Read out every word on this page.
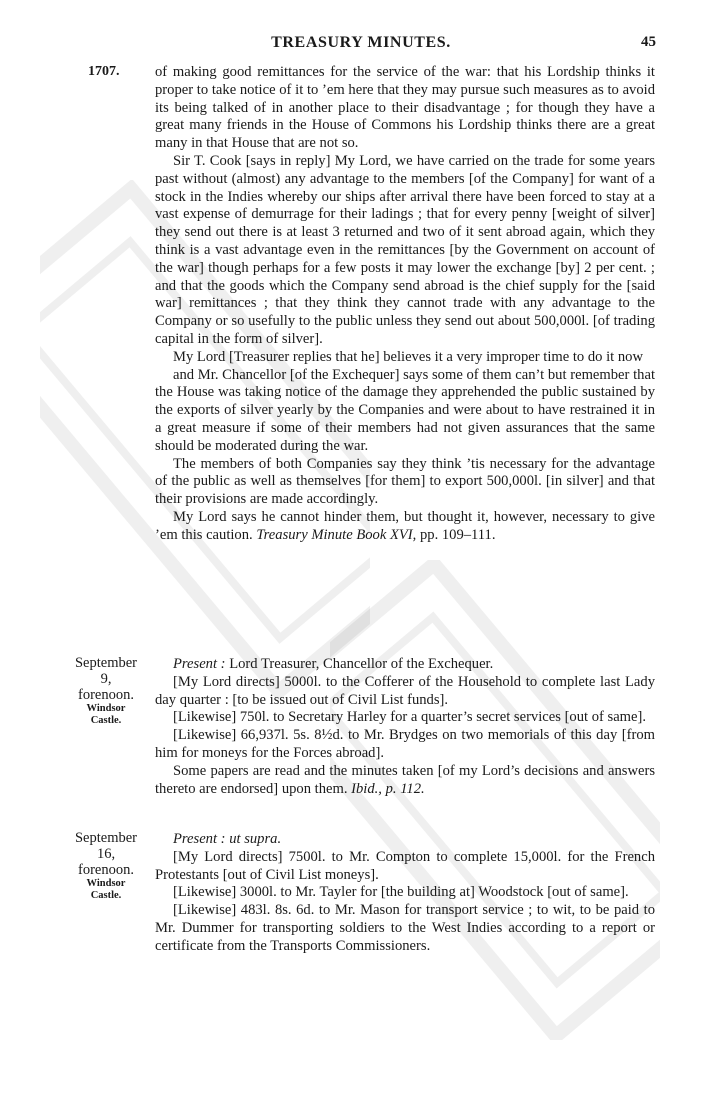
TREASURY MINUTES.	45
1707. of making good remittances for the service of the war: that his Lordship thinks it proper to take notice of it to ’em here that they may pursue such measures as to avoid its being talked of in another place to their disadvantage ; for though they have a great many friends in the House of Commons his Lordship thinks there are a great many in that House that are not so.

Sir T. Cook [says in reply] My Lord, we have carried on the trade for some years past without (almost) any advantage to the members [of the Company] for want of a stock in the Indies whereby our ships after arrival there have been forced to stay at a vast expense of demurrage for their ladings ; that for every penny [weight of silver] they send out there is at least 3 returned and two of it sent abroad again, which they think is a vast advantage even in the remittances [by the Government on account of the war] though perhaps for a few posts it may lower the exchange [by] 2 per cent. ; and that the goods which the Company send abroad is the chief supply for the [said war] remittances ; that they think they cannot trade with any advantage to the Company or so usefully to the public unless they send out about 500,000l. [of trading capital in the form of silver].

My Lord [Treasurer replies that he] believes it a very improper time to do it now

and Mr. Chancellor [of the Exchequer] says some of them can’t but remember that the House was taking notice of the damage they apprehended the public sustained by the exports of silver yearly by the Companies and were about to have restrained it in a great measure if some of their members had not given assurances that the same should be moderated during the war.

The members of both Companies say they think ’tis necessary for the advantage of the public as well as themselves [for them] to export 500,000l. [in silver] and that their provisions are made accordingly.

My Lord says he cannot hinder them, but thought it, however, necessary to give ’em this caution. Treasury Minute Book XVI, pp. 109–111.

September
9,
forenoon.
Windsor
Castle.

Present : Lord Treasurer, Chancellor of the Exchequer.

[My Lord directs] 5000l. to the Cofferer of the Household to complete last Lady day quarter : [to be issued out of Civil List funds].

[Likewise] 750l. to Secretary Harley for a quarter’s secret services [out of same].

[Likewise] 66,937l. 5s. 8½d. to Mr. Brydges on two memorials of this day [from him for moneys for the Forces abroad].

Some papers are read and the minutes taken [of my Lord’s decisions and answers thereto are endorsed] upon them. Ibid., p. 112.

September
16,
forenoon.
Windsor
Castle.

Present : ut supra.

[My Lord directs] 7500l. to Mr. Compton to complete 15,000l. for the French Protestants [out of Civil List moneys].

[Likewise] 3000l. to Mr. Tayler for [the building at] Woodstock [out of same].

[Likewise] 483l. 8s. 6d. to Mr. Mason for transport service ; to wit, to be paid to Mr. Dummer for transporting soldiers to the West Indies according to a report or certificate from the Transports Commissioners.
